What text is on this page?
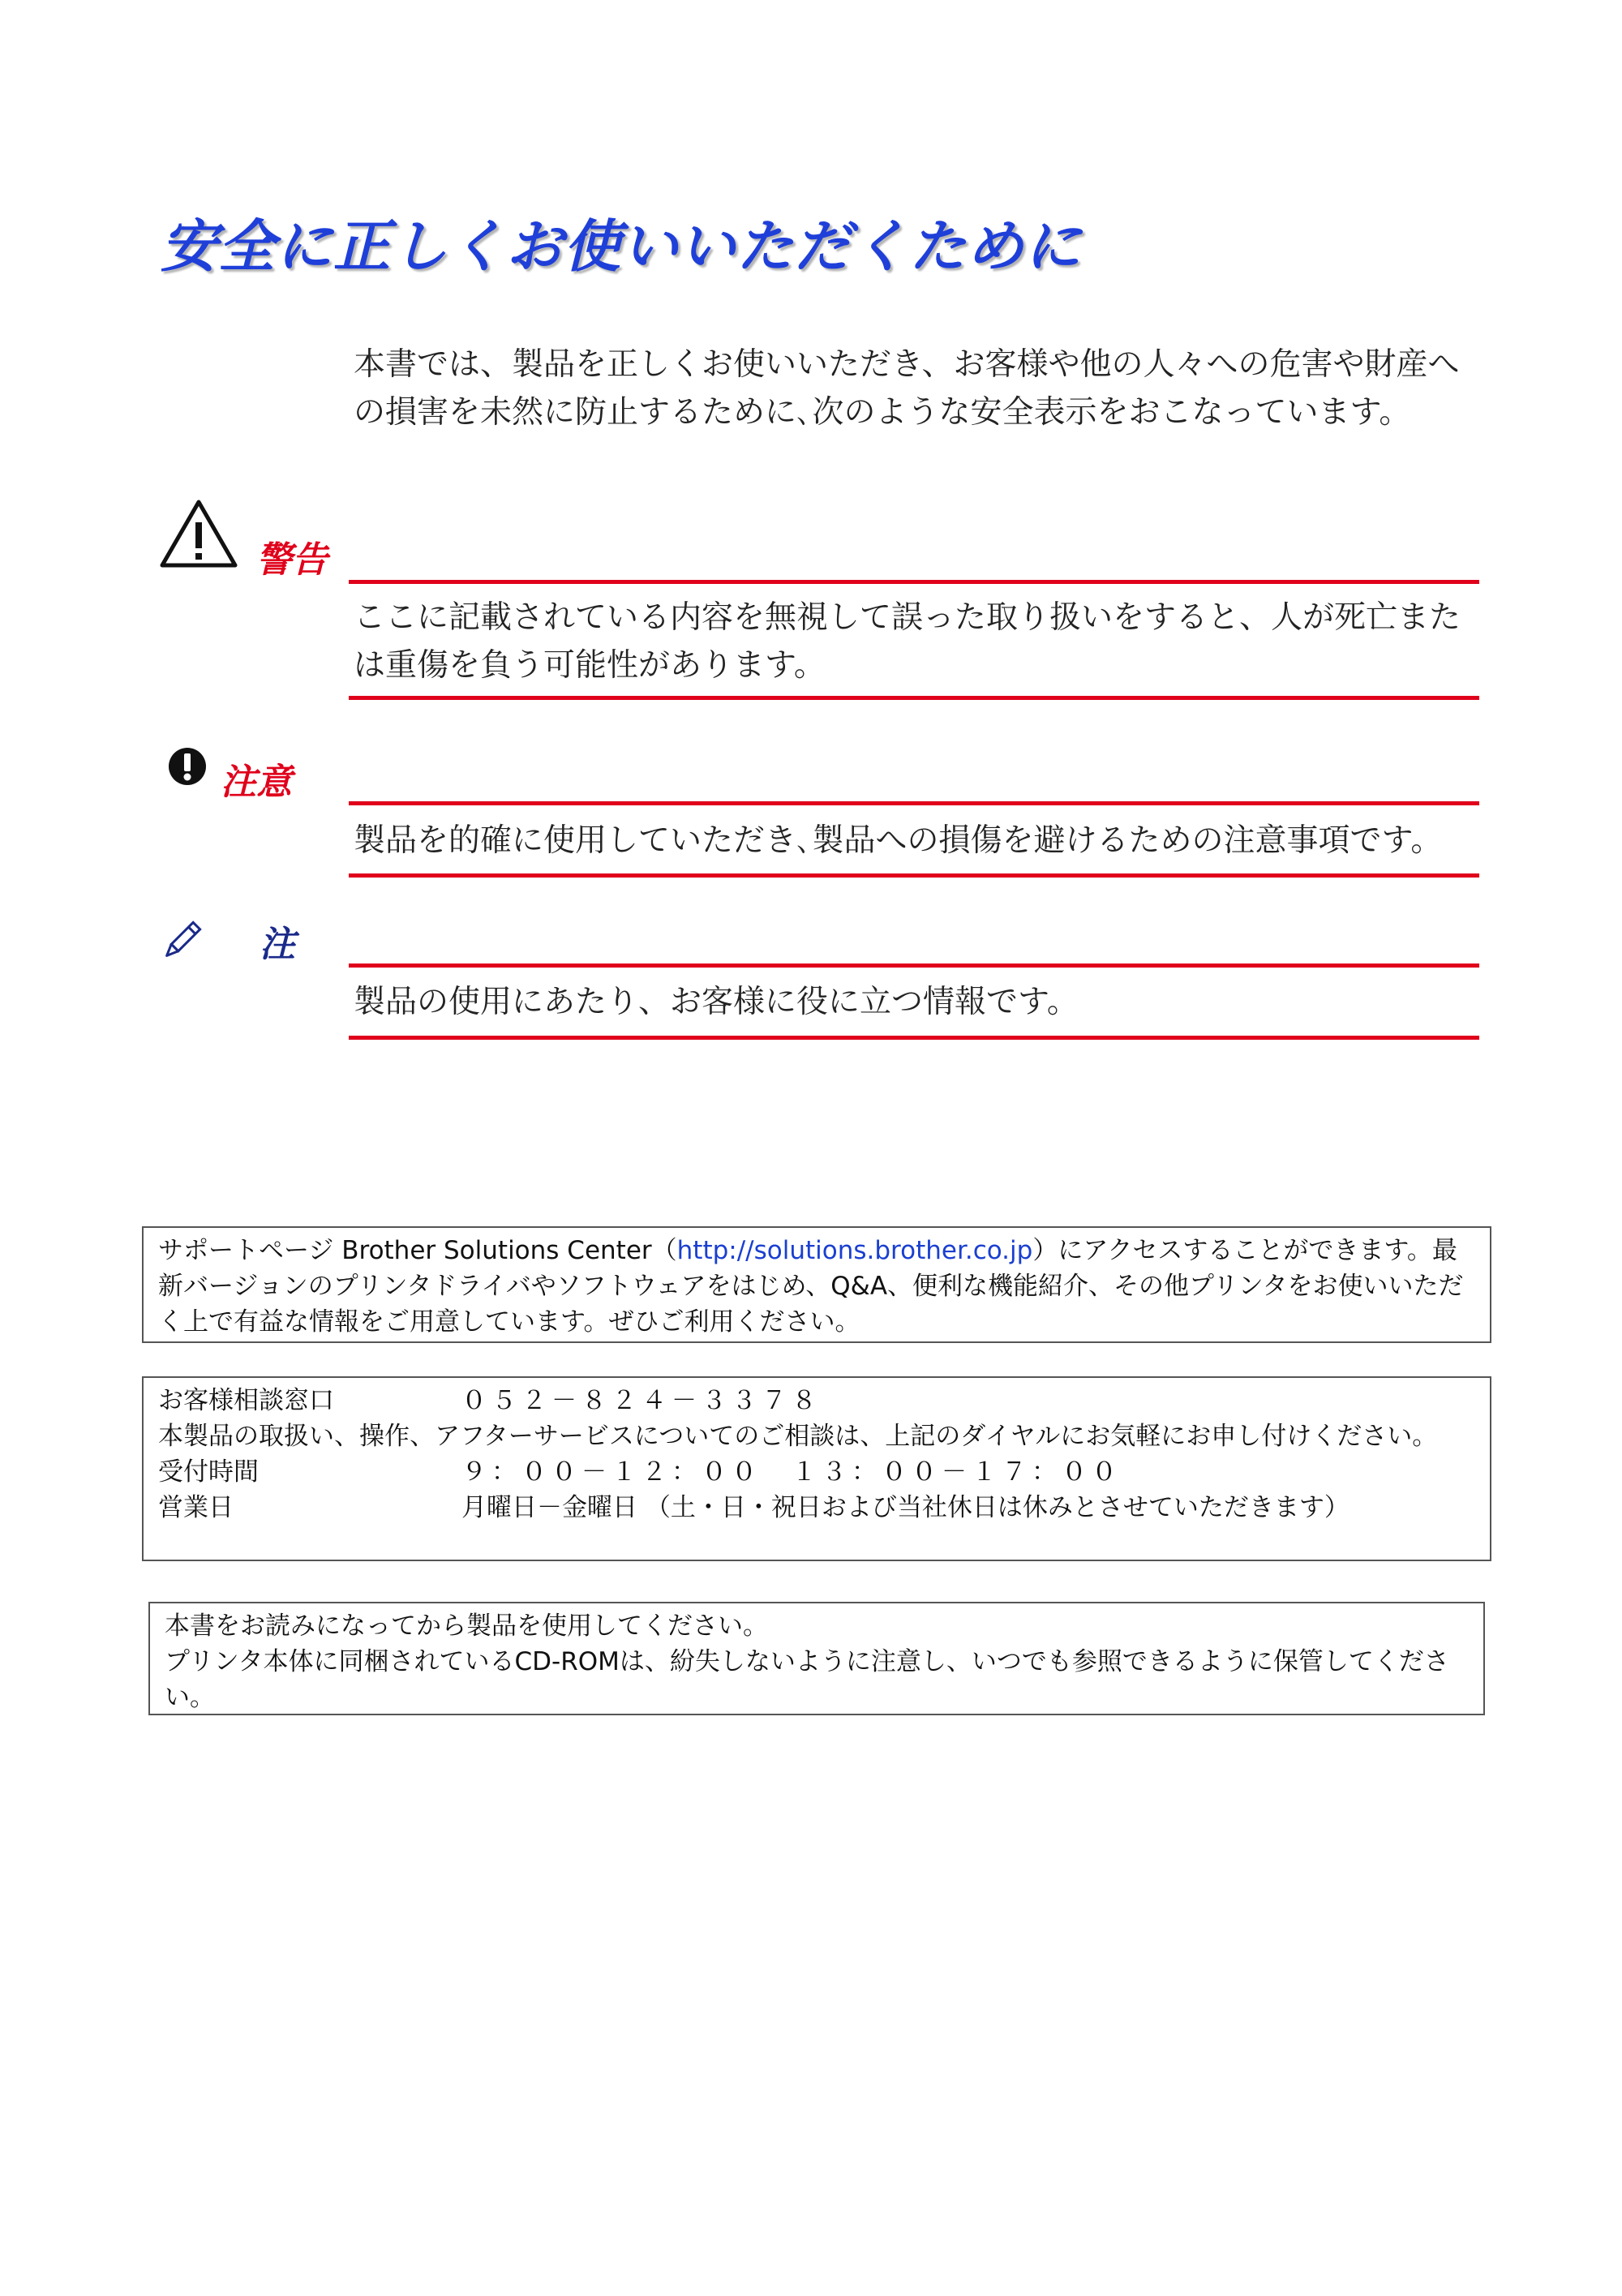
安全に正しくお使いいただくために
本書では、製品を正しくお使いいただき、お客様や他の人々への危害や財産への損害を未然に防止するために､次のような安全表示をおこなっています。
警告
ここに記載されている内容を無視して誤った取り扱いをすると、人が死亡または重傷を負う可能性があります。
注意
製品を的確に使用していただき､製品への損傷を避けるための注意事項です。
注
製品の使用にあたり、お客様に役に立つ情報です。
サポートページ Brother Solutions Center（http://solutions.brother.co.jp）にアクセスすることができます。最新バージョンのプリンタドライバやソフトウェアをはじめ、Q&A、便利な機能紹介、その他プリンタをお使いいただく上で有益な情報をご用意しています。ぜひご利用ください。
お客様相談窓口	０５２－８２４－３３７８
本製品の取扱い、操作、アフターサービスについてのご相談は、上記のダイヤルにお気軽にお申し付けください。
受付時間	９：００－１２：００　１３：００－１７：００
営業日	月曜日－金曜日 （土・日・祝日および当社休日は休みとさせていただきます）
本書をお読みになってから製品を使用してください。
プリンタ本体に同梱されているCD-ROMは、紛失しないように注意し、いつでも参照できるように保管してください。
